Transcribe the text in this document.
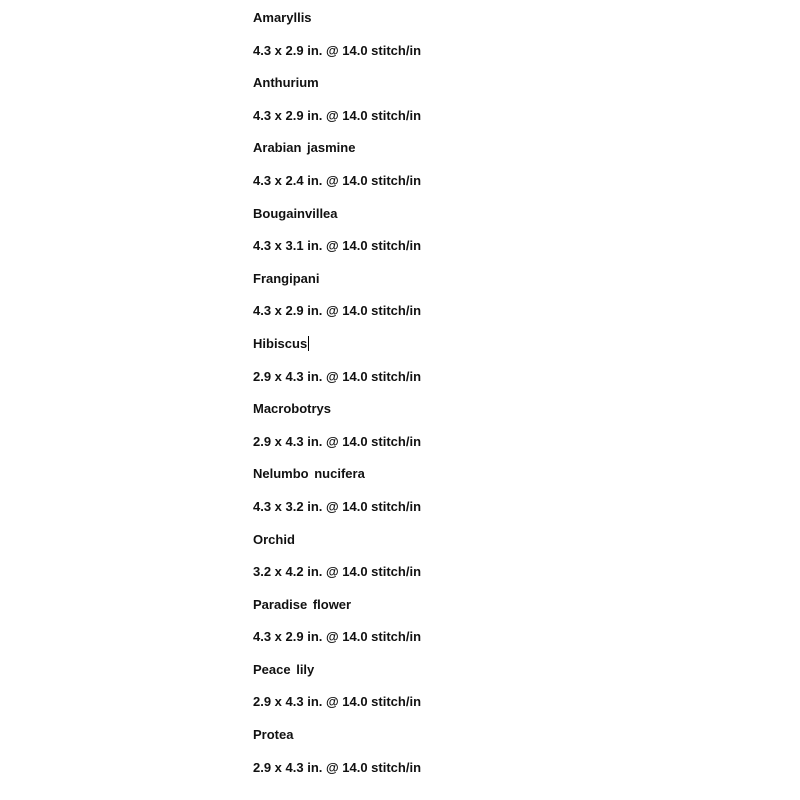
Amaryllis
4.3 x 2.9 in. @ 14.0 stitch/in
Anthurium
4.3 x 2.9 in. @ 14.0 stitch/in
Arabian jasmine
4.3 x 2.4 in. @ 14.0 stitch/in
Bougainvillea
4.3 x 3.1 in. @ 14.0 stitch/in
Frangipani
4.3 x 2.9 in. @ 14.0 stitch/in
Hibiscus
2.9 x 4.3 in. @ 14.0 stitch/in
Macrobotrys
2.9 x 4.3 in. @ 14.0 stitch/in
Nelumbo nucifera
4.3 x 3.2 in. @ 14.0 stitch/in
Orchid
3.2 x 4.2 in. @ 14.0 stitch/in
Paradise flower
4.3 x 2.9 in. @ 14.0 stitch/in
Peace lily
2.9 x 4.3 in. @ 14.0 stitch/in
Protea
2.9 x 4.3 in. @ 14.0 stitch/in
